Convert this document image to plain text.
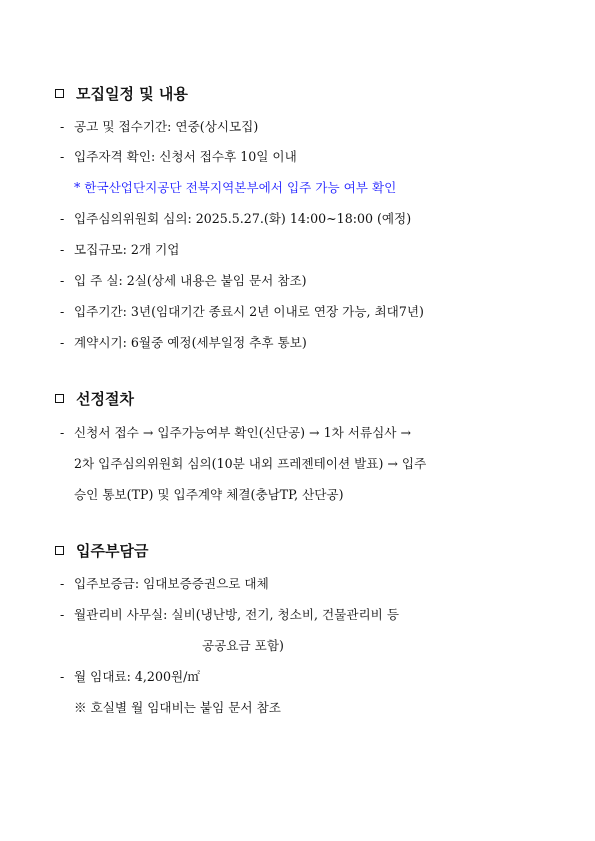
모집일정 및 내용
- 공고 및 접수기간: 연중(상시모집)
- 입주자격 확인: 신청서 접수후 10일 이내
* 한국산업단지공단 전북지역본부에서 입주 가능 여부 확인
- 입주심의위원회 심의: 2025.5.27.(화) 14:00~18:00 (예정)
- 모집규모: 2개 기업
- 입 주 실: 2실(상세 내용은 붙임 문서 참조)
- 입주기간: 3년(임대기간 종료시 2년 이내로 연장 가능, 최대7년)
- 계약시기: 6월중 예정(세부일정 추후 통보)
선정절차
- 신청서 접수 → 입주가능여부 확인(신단공) → 1차 서류심사 →
2차 입주심의위원회 심의(10분 내외 프레젠테이션 발표) → 입주
승인 통보(TP) 및 입주계약 체결(충남TP, 산단공)
입주부담금
- 입주보증금: 임대보증증권으로 대체
- 월관리비 사무실: 실비(냉난방, 전기, 청소비, 건물관리비 등
공공요금 포함)
- 월 임대료: 4,200원/㎡
※ 호실별 월 임대비는 붙임 문서 참조
